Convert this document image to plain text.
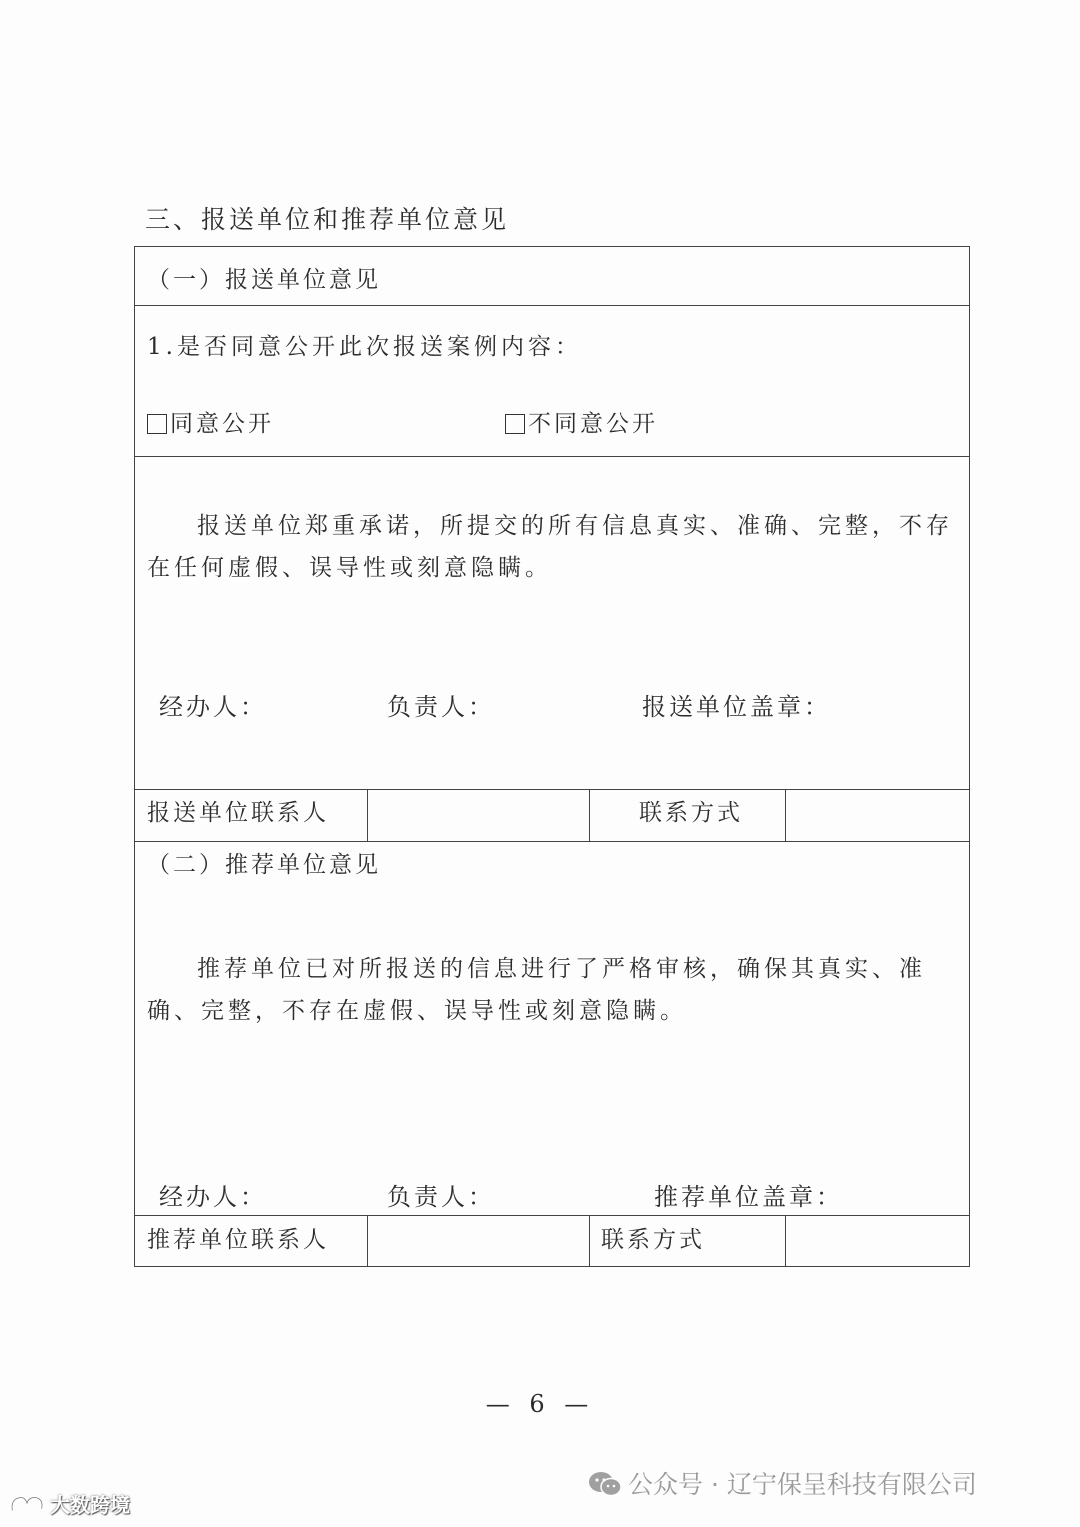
三、报送单位和推荐单位意见
（一）报送单位意见
1.是否同意公开此次报送案例内容：
同意公开	不同意公开
报送单位郑重承诺，所提交的所有信息真实、准确、完整，不存在任何虚假、误导性或刻意隐瞒。
经办人：	负责人：	报送单位盖章：
报送单位联系人	联系方式
（二）推荐单位意见
推荐单位已对所报送的信息进行了严格审核，确保其真实、准确、完整，不存在虚假、误导性或刻意隐瞒。
经办人：	负责人：	推荐单位盖章：
推荐单位联系人	联系方式
— 6 —
公众号 · 辽宁保呈科技有限公司
大数跨境
